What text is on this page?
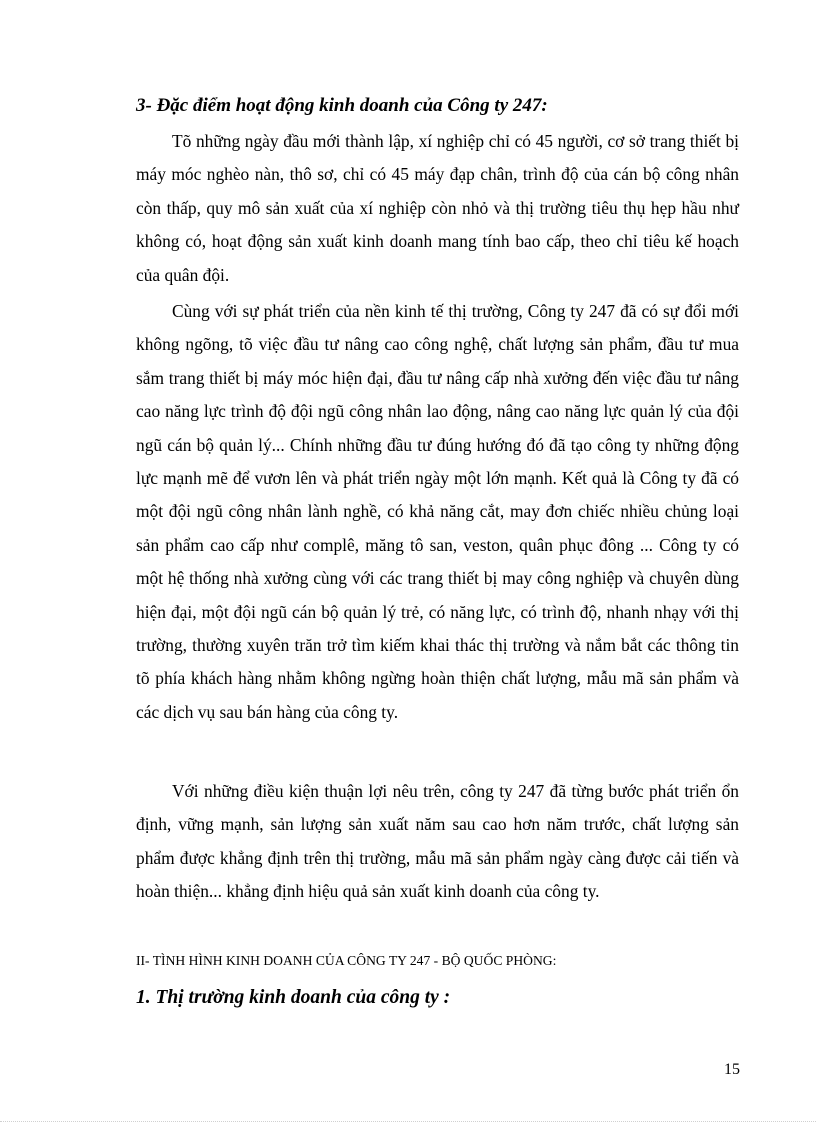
3- Đặc điểm hoạt động kinh doanh của Công ty 247:

Tõ những ngày đầu mới thành lập, xí nghiệp chỉ có 45 người, cơ sở trang thiết bị máy móc nghèo nàn, thô sơ, chỉ có 45 máy đạp chân, trình độ của cán bộ công nhân còn thấp, quy mô sản xuất của xí nghiệp còn nhỏ và thị trường tiêu thụ hẹp hầu như không có, hoạt động sản xuất kinh doanh mang tính bao cấp, theo chỉ tiêu kế hoạch của quân đội.

Cùng với sự phát triển của nền kinh tế thị trường, Công ty 247 đã có sự đổi mới không ngõng, tõ việc đầu tư nâng cao công nghệ, chất lượng sản phẩm, đầu tư mua sắm trang thiết bị máy móc hiện đại, đầu tư nâng cấp nhà xưởng đến việc đầu tư nâng cao năng lực trình độ đội ngũ công nhân lao động, nâng cao năng lực quản lý của đội ngũ cán bộ quản lý... Chính những đầu tư đúng hướng đó đã tạo công ty những động lực mạnh mẽ để vươn lên và phát triển ngày một lớn mạnh. Kết quả là Công ty đã có một đội ngũ công nhân lành nghề, có khả năng cắt, may đơn chiếc nhiều chủng loại sản phẩm cao cấp như complê, măng tô san, veston, quân phục đông ... Công ty có một hệ thống nhà xưởng cùng với các trang thiết bị may công nghiệp và chuyên dùng hiện đại, một đội ngũ cán bộ quản lý trẻ, có năng lực, có trình độ, nhanh nhạy với thị trường, thường xuyên trăn trở tìm kiếm khai thác thị trường và nắm bắt các thông tin tõ phía khách hàng nhằm không ngừng hoàn thiện chất lượng, mẫu mã sản phẩm và các dịch vụ sau bán hàng của công ty.

Với những điều kiện thuận lợi nêu trên, công ty 247 đã từng bước phát triển ổn định, vững mạnh, sản lượng sản xuất năm sau cao hơn năm trước, chất lượng sản phẩm được khẳng định trên thị trường, mẫu mã sản phẩm ngày càng được cải tiến và hoàn thiện... khẳng định hiệu quả sản xuất kinh doanh của công ty.

II- TÌNH HÌNH KINH DOANH CỦA CÔNG TY 247 - BỘ QUỐC PHÒNG:
1. Thị trường kinh doanh của công ty :
15
